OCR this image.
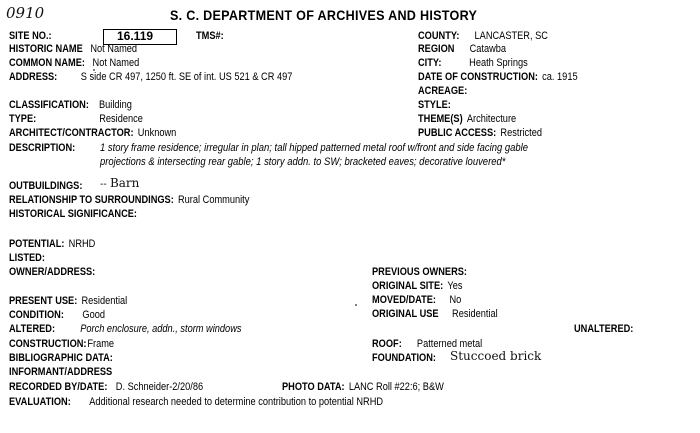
0910	S. C. DEPARTMENT OF ARCHIVES AND HISTORY
SITE NO.:	16.119	TMS#:	COUNTY: LANCASTER, SC
REGION Catawba
CITY:	Heath Springs
DATE OF CONSTRUCTION: ca. 1915
ACREAGE:
STYLE:
THEME(S) Architecture
PUBLIC ACCESS: Restricted
HISTORIC NAME Not Named
COMMON NAME: Not Named
ADDRESS: S side CR 497, 1250 ft. SE of int. US 521 & CR 497
CLASSIFICATION: Building
TYPE:	Residence
ARCHITECT/CONTRACTOR: Unknown
DESCRIPTION: 1 story frame residence; irregular in plan; tall hipped patterned metal roof w/front and side facing gable
projections & intersecting rear gable; 1 story addn. to SW; bracketed eaves; decorative louvered*
OUTBUILDINGS: -- Barn
RELATIONSHIP TO SURROUNDINGS: Rural Community
HISTORICAL SIGNIFICANCE:
POTENTIAL: NRHD
LISTED:
OWNER/ADDRESS:	PREVIOUS OWNERS:
ORIGINAL SITE: Yes
MOVED/DATE: No
ORIGINAL USE Residential
UNALTERED:
ROOF: Patterned metal
FOUNDATION: Stuccoed brick
PRESENT USE: Residential
CONDITION: Good
ALTERED: Porch enclosure, addn., storm windows
CONSTRUCTION:Frame
BIBLIOGRAPHIC DATA:
INFORMANT/ADDRESS
RECORDED BY/DATE: D. Schneider-2/20/86	PHOTO DATA: LANC Roll #22:6; B&W
EVALUATION: Additional research needed to determine contribution to potential NRHD
